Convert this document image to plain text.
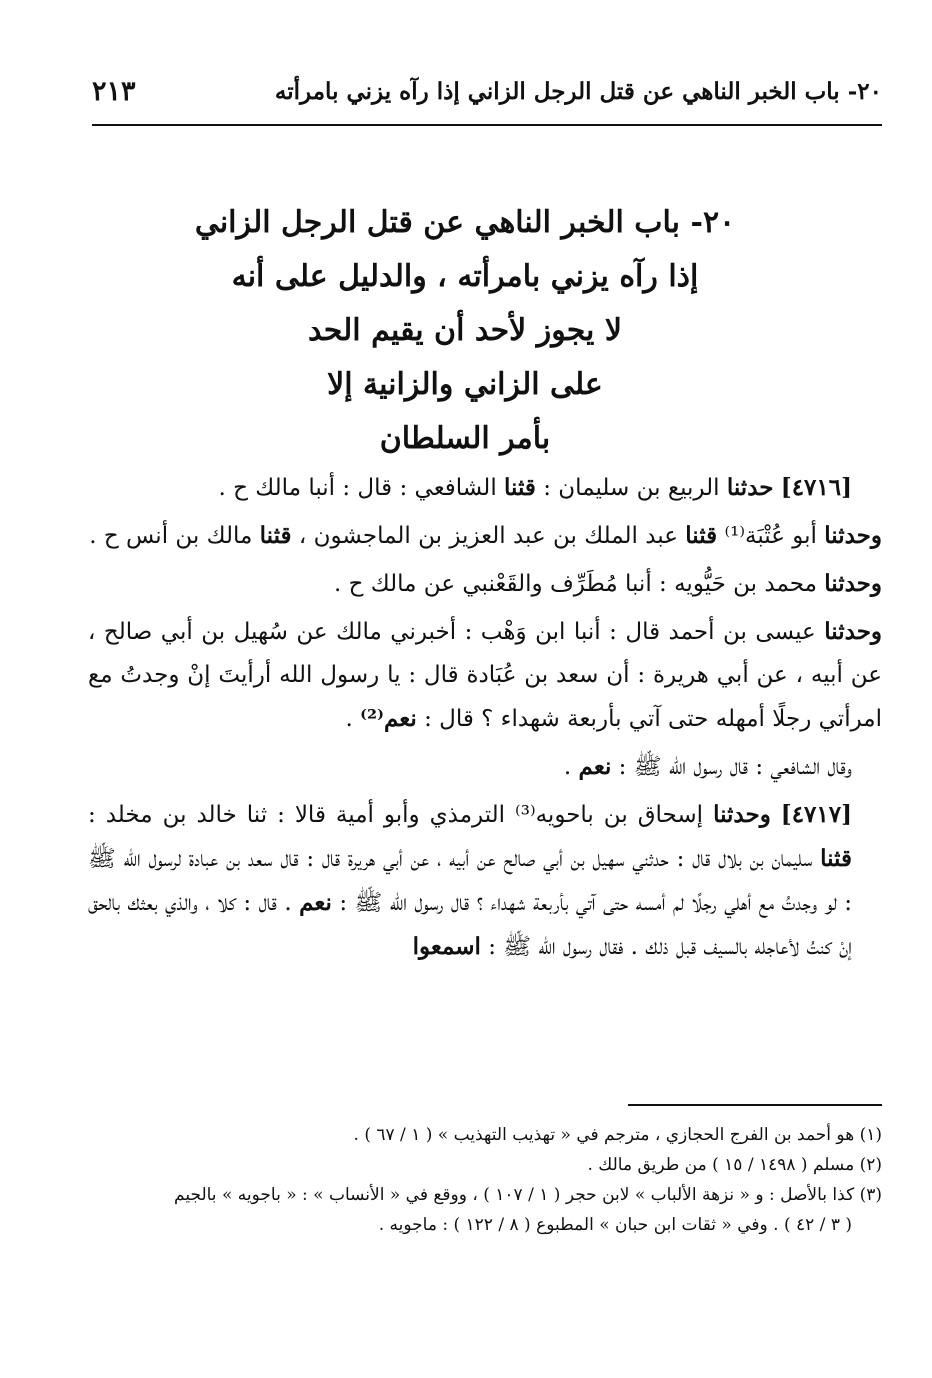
٢١٣	٢٠- باب الخبر الناهي عن قتل الرجل الزاني إذا رآه يزني بامرأته
٢٠- باب الخبر الناهي عن قتل الرجل الزاني
إذا رآه يزني بامرأته ، والدليل على أنه
لا يجوز لأحد أن يقيم الحد
على الزاني والزانية إلا
بأمر السلطان

[٤٧١٦] حدثنا الربيع بن سليمان : قثنا الشافعي : قال : أنبا مالك ح .

وحدثنا أبو عُتْبَة⁽¹⁾ قثنا عبد الملك بن عبد العزيز بن الماجشون ، قثنا مالك بن أنس ح .

وحدثنا محمد بن حَيُّويه : أنبا مُطَرِّف والقَعْنبي عن مالك ح .

وحدثنا عيسى بن أحمد قال : أنبا ابن وَهْب : أخبرني مالك عن سُهيل بن أبي صالح ، عن أبيه ، عن أبي هريرة : أن سعد بن عُبَادة قال : يا رسول الله أرأيتَ إنْ وجدتُ مع امرأتي رجلًا أمهله حتى آتي بأربعة شهداء ؟ قال : نعم⁽²⁾ .

وقال الشافعي : قال رسول الله ﷺ : نعم .

[٤٧١٧] وحدثنا إسحاق بن باحويه⁽³⁾ الترمذي وأبو أمية قالا : ثنا خالد بن مخلد : قثنا سليمان بن بلال قال : حدثني سهيل بن أبي صالح عن أبيه ، عن أبي هريرة قال : قال سعد بن عبادة لرسول الله ﷺ : لو وجدتُ مع أهلي رجلًا لم أمسه حتى آتي بأربعة شهداء ؟ قال رسول الله ﷺ : نعم . قال : كلا ، والذي بعثك بالحق إنْ كنتُ لأعاجله بالسيف قبل ذلك . فقال رسول الله ﷺ : اسمعوا

(١) هو أحمد بن الفرج الحجازي ، مترجم في « تهذيب التهذيب » ( ١ / ٦٧ ) .

(٢) مسلم ( ١٤٩٨ / ١٥ ) من طريق مالك .

(٣) كذا بالأصل : و « نزهة الألباب » لابن حجر ( ١ / ١٠٧ ) ، ووقع في « الأنساب » : « باجويه » بالجيم

( ٣ / ٤٢ ) . وفي « ثقات ابن حبان » المطبوع ( ٨ / ١٢٢ ) : ماجويه .
